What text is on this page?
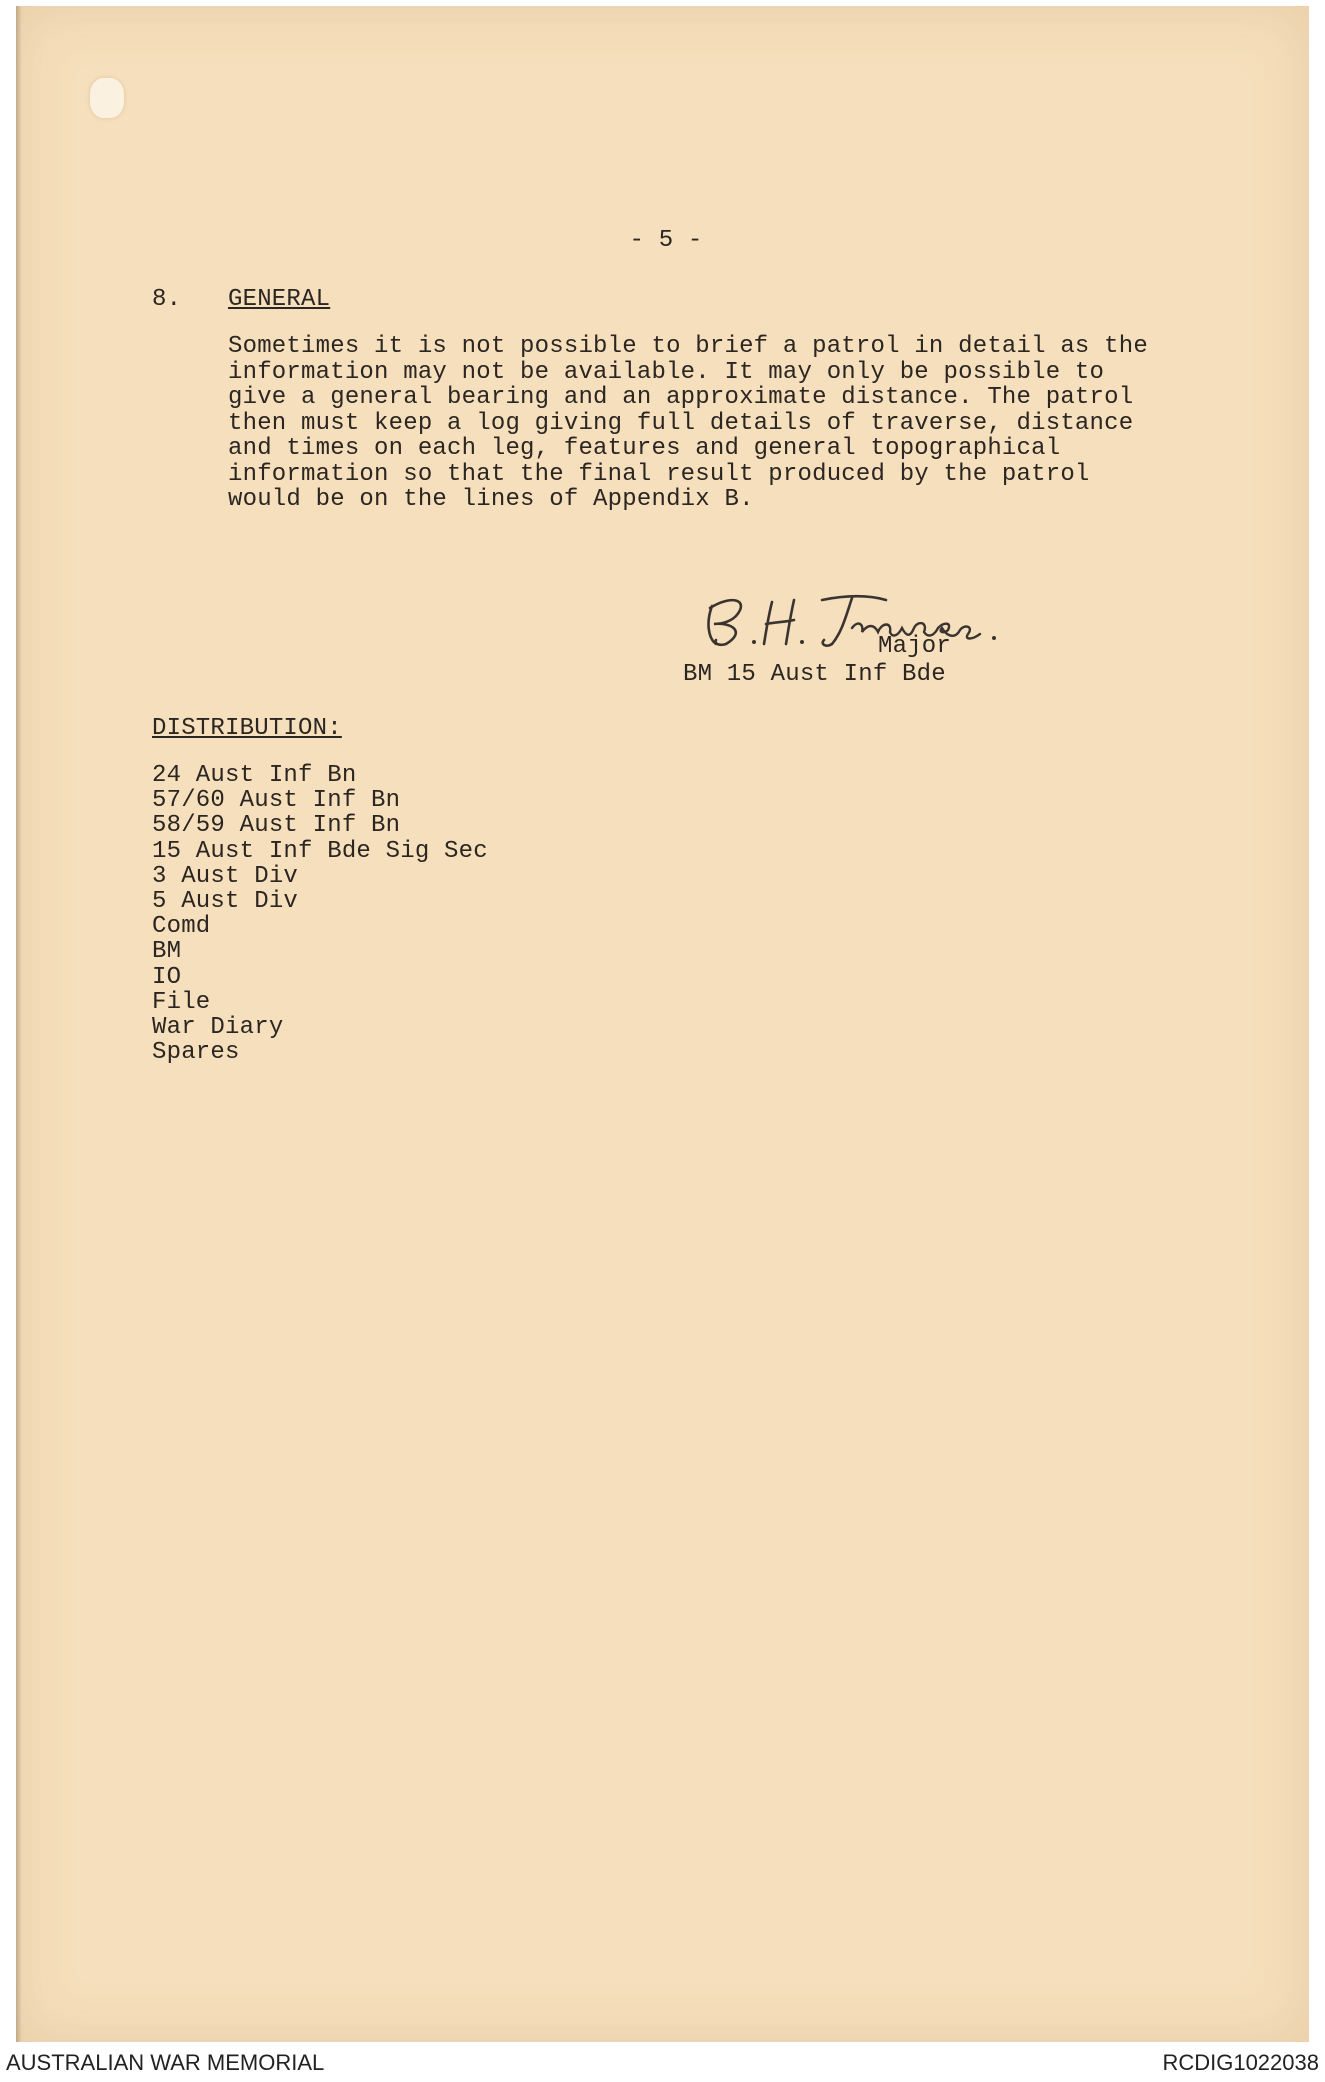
- 5 -
8. GENERAL
Sometimes it is not possible to brief a patrol in detail as the
information may not be available. It may only be possible to
give a general bearing and an approximate distance. The patrol
then must keep a log giving full details of traverse, distance
and times on each leg, features and general topographical
information so that the final result produced by the patrol
would be on the lines of Appendix B.
Major
BM 15 Aust Inf Bde
DISTRIBUTION:
24 Aust Inf Bn
57/60 Aust Inf Bn
58/59 Aust Inf Bn
15 Aust Inf Bde Sig Sec
3 Aust Div
5 Aust Div
Comd
BM
IO
File
War Diary
Spares
AUSTRALIAN WAR MEMORIAL	RCDIG1022038
